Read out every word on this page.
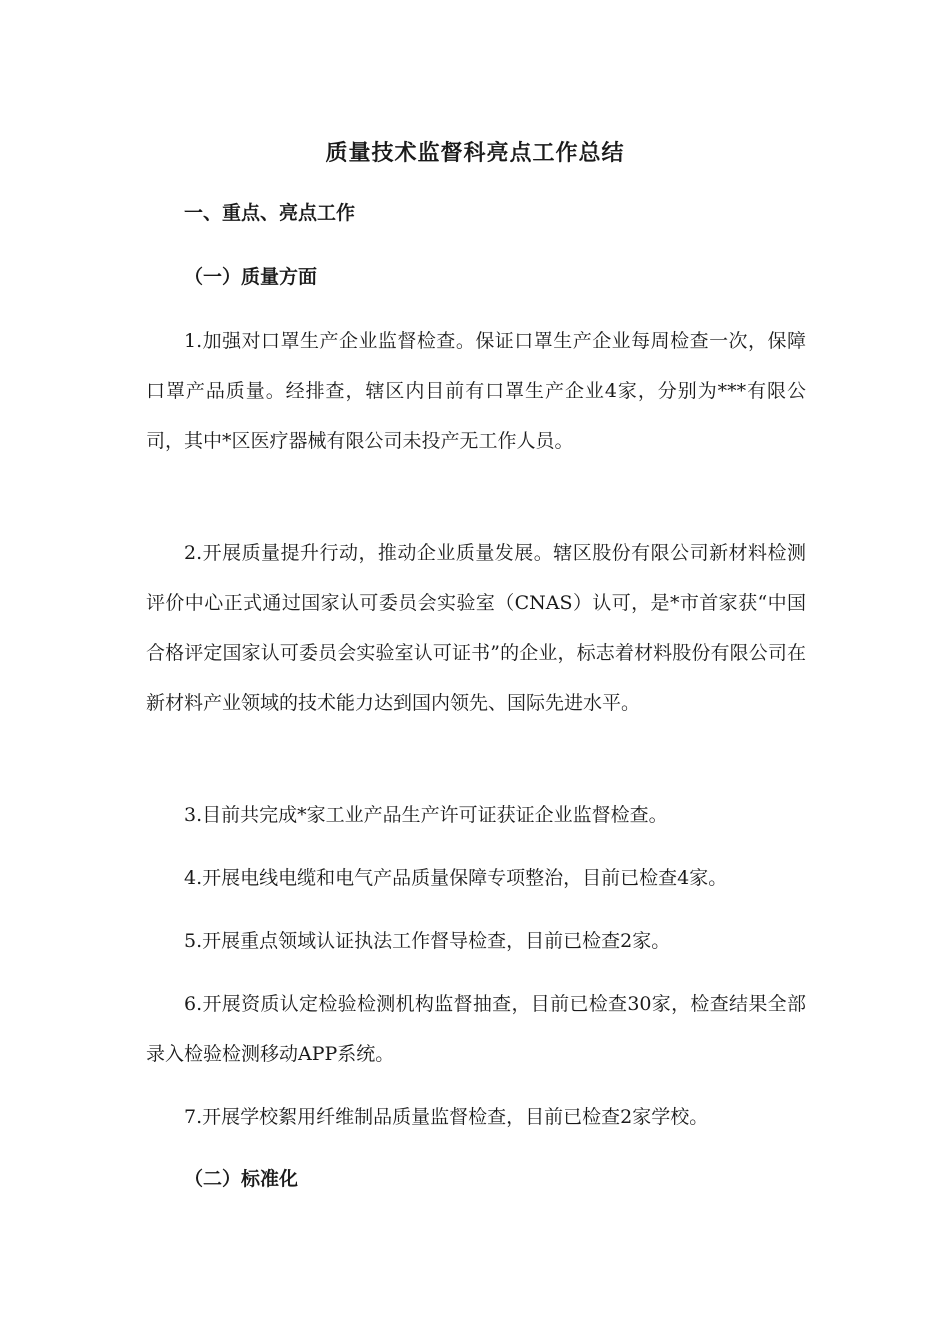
质量技术监督科亮点工作总结
一、重点、亮点工作
（一）质量方面
1.加强对口罩生产企业监督检查。保证口罩生产企业每周检查一次，保障口罩产品质量。经排查，辖区内目前有口罩生产企业4家，分别为***有限公司，其中*区医疗器械有限公司未投产无工作人员。
2.开展质量提升行动，推动企业质量发展。辖区股份有限公司新材料检测评价中心正式通过国家认可委员会实验室（CNAS）认可，是*市首家获“中国合格评定国家认可委员会实验室认可证书”的企业，标志着材料股份有限公司在新材料产业领域的技术能力达到国内领先、国际先进水平。
3.目前共完成*家工业产品生产许可证获证企业监督检查。
4.开展电线电缆和电气产品质量保障专项整治，目前已检查4家。
5.开展重点领域认证执法工作督导检查，目前已检查2家。
6.开展资质认定检验检测机构监督抽查，目前已检查30家，检查结果全部录入检验检测移动APP系统。
7.开展学校絮用纤维制品质量监督检查，目前已检查2家学校。
（二）标准化
